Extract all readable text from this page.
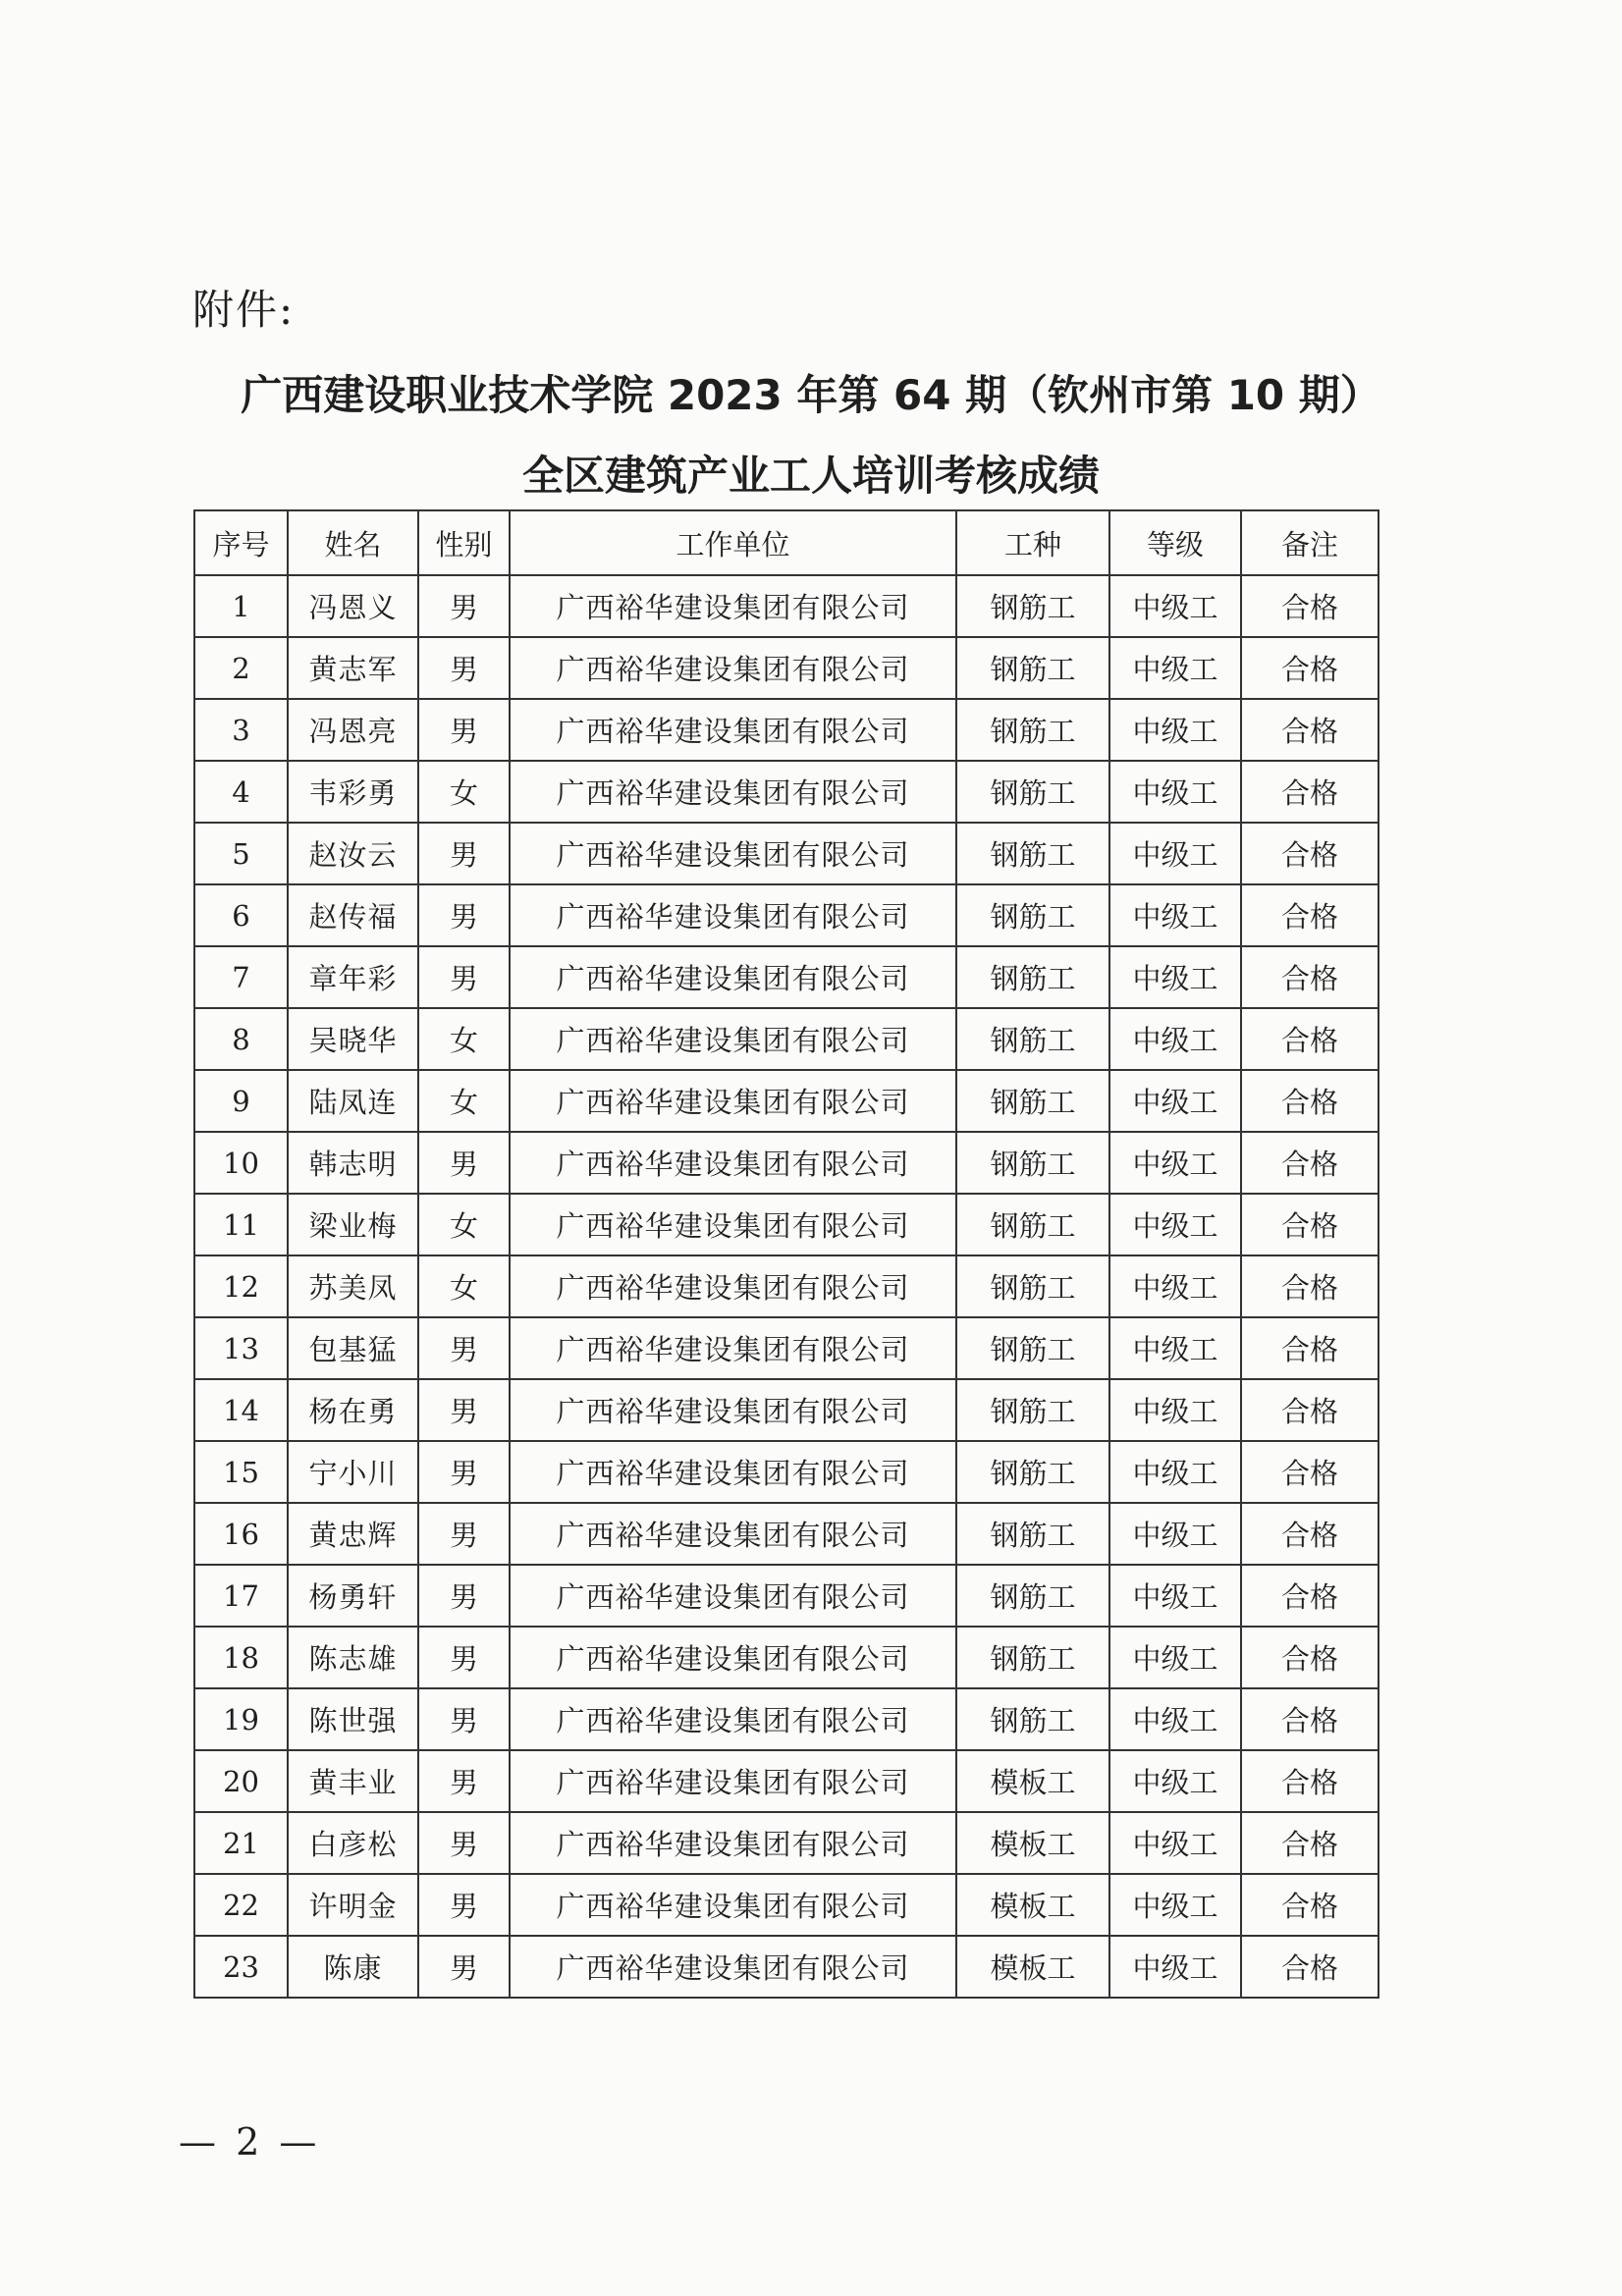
附件:
广西建设职业技术学院 2023 年第 64 期（钦州市第 10 期）
全区建筑产业工人培训考核成绩
序号	姓名	性别	工作单位	工种	等级	备注
1	冯恩义	男	广西裕华建设集团有限公司	钢筋工	中级工	合格
2	黄志军	男	广西裕华建设集团有限公司	钢筋工	中级工	合格
3	冯恩亮	男	广西裕华建设集团有限公司	钢筋工	中级工	合格
4	韦彩勇	女	广西裕华建设集团有限公司	钢筋工	中级工	合格
5	赵汝云	男	广西裕华建设集团有限公司	钢筋工	中级工	合格
6	赵传福	男	广西裕华建设集团有限公司	钢筋工	中级工	合格
7	章年彩	男	广西裕华建设集团有限公司	钢筋工	中级工	合格
8	吴晓华	女	广西裕华建设集团有限公司	钢筋工	中级工	合格
9	陆凤连	女	广西裕华建设集团有限公司	钢筋工	中级工	合格
10	韩志明	男	广西裕华建设集团有限公司	钢筋工	中级工	合格
11	梁业梅	女	广西裕华建设集团有限公司	钢筋工	中级工	合格
12	苏美凤	女	广西裕华建设集团有限公司	钢筋工	中级工	合格
13	包基猛	男	广西裕华建设集团有限公司	钢筋工	中级工	合格
14	杨在勇	男	广西裕华建设集团有限公司	钢筋工	中级工	合格
15	宁小川	男	广西裕华建设集团有限公司	钢筋工	中级工	合格
16	黄忠辉	男	广西裕华建设集团有限公司	钢筋工	中级工	合格
17	杨勇轩	男	广西裕华建设集团有限公司	钢筋工	中级工	合格
18	陈志雄	男	广西裕华建设集团有限公司	钢筋工	中级工	合格
19	陈世强	男	广西裕华建设集团有限公司	钢筋工	中级工	合格
20	黄丰业	男	广西裕华建设集团有限公司	模板工	中级工	合格
21	白彦松	男	广西裕华建设集团有限公司	模板工	中级工	合格
22	许明金	男	广西裕华建设集团有限公司	模板工	中级工	合格
23	陈康	男	广西裕华建设集团有限公司	模板工	中级工	合格
— 2 —
